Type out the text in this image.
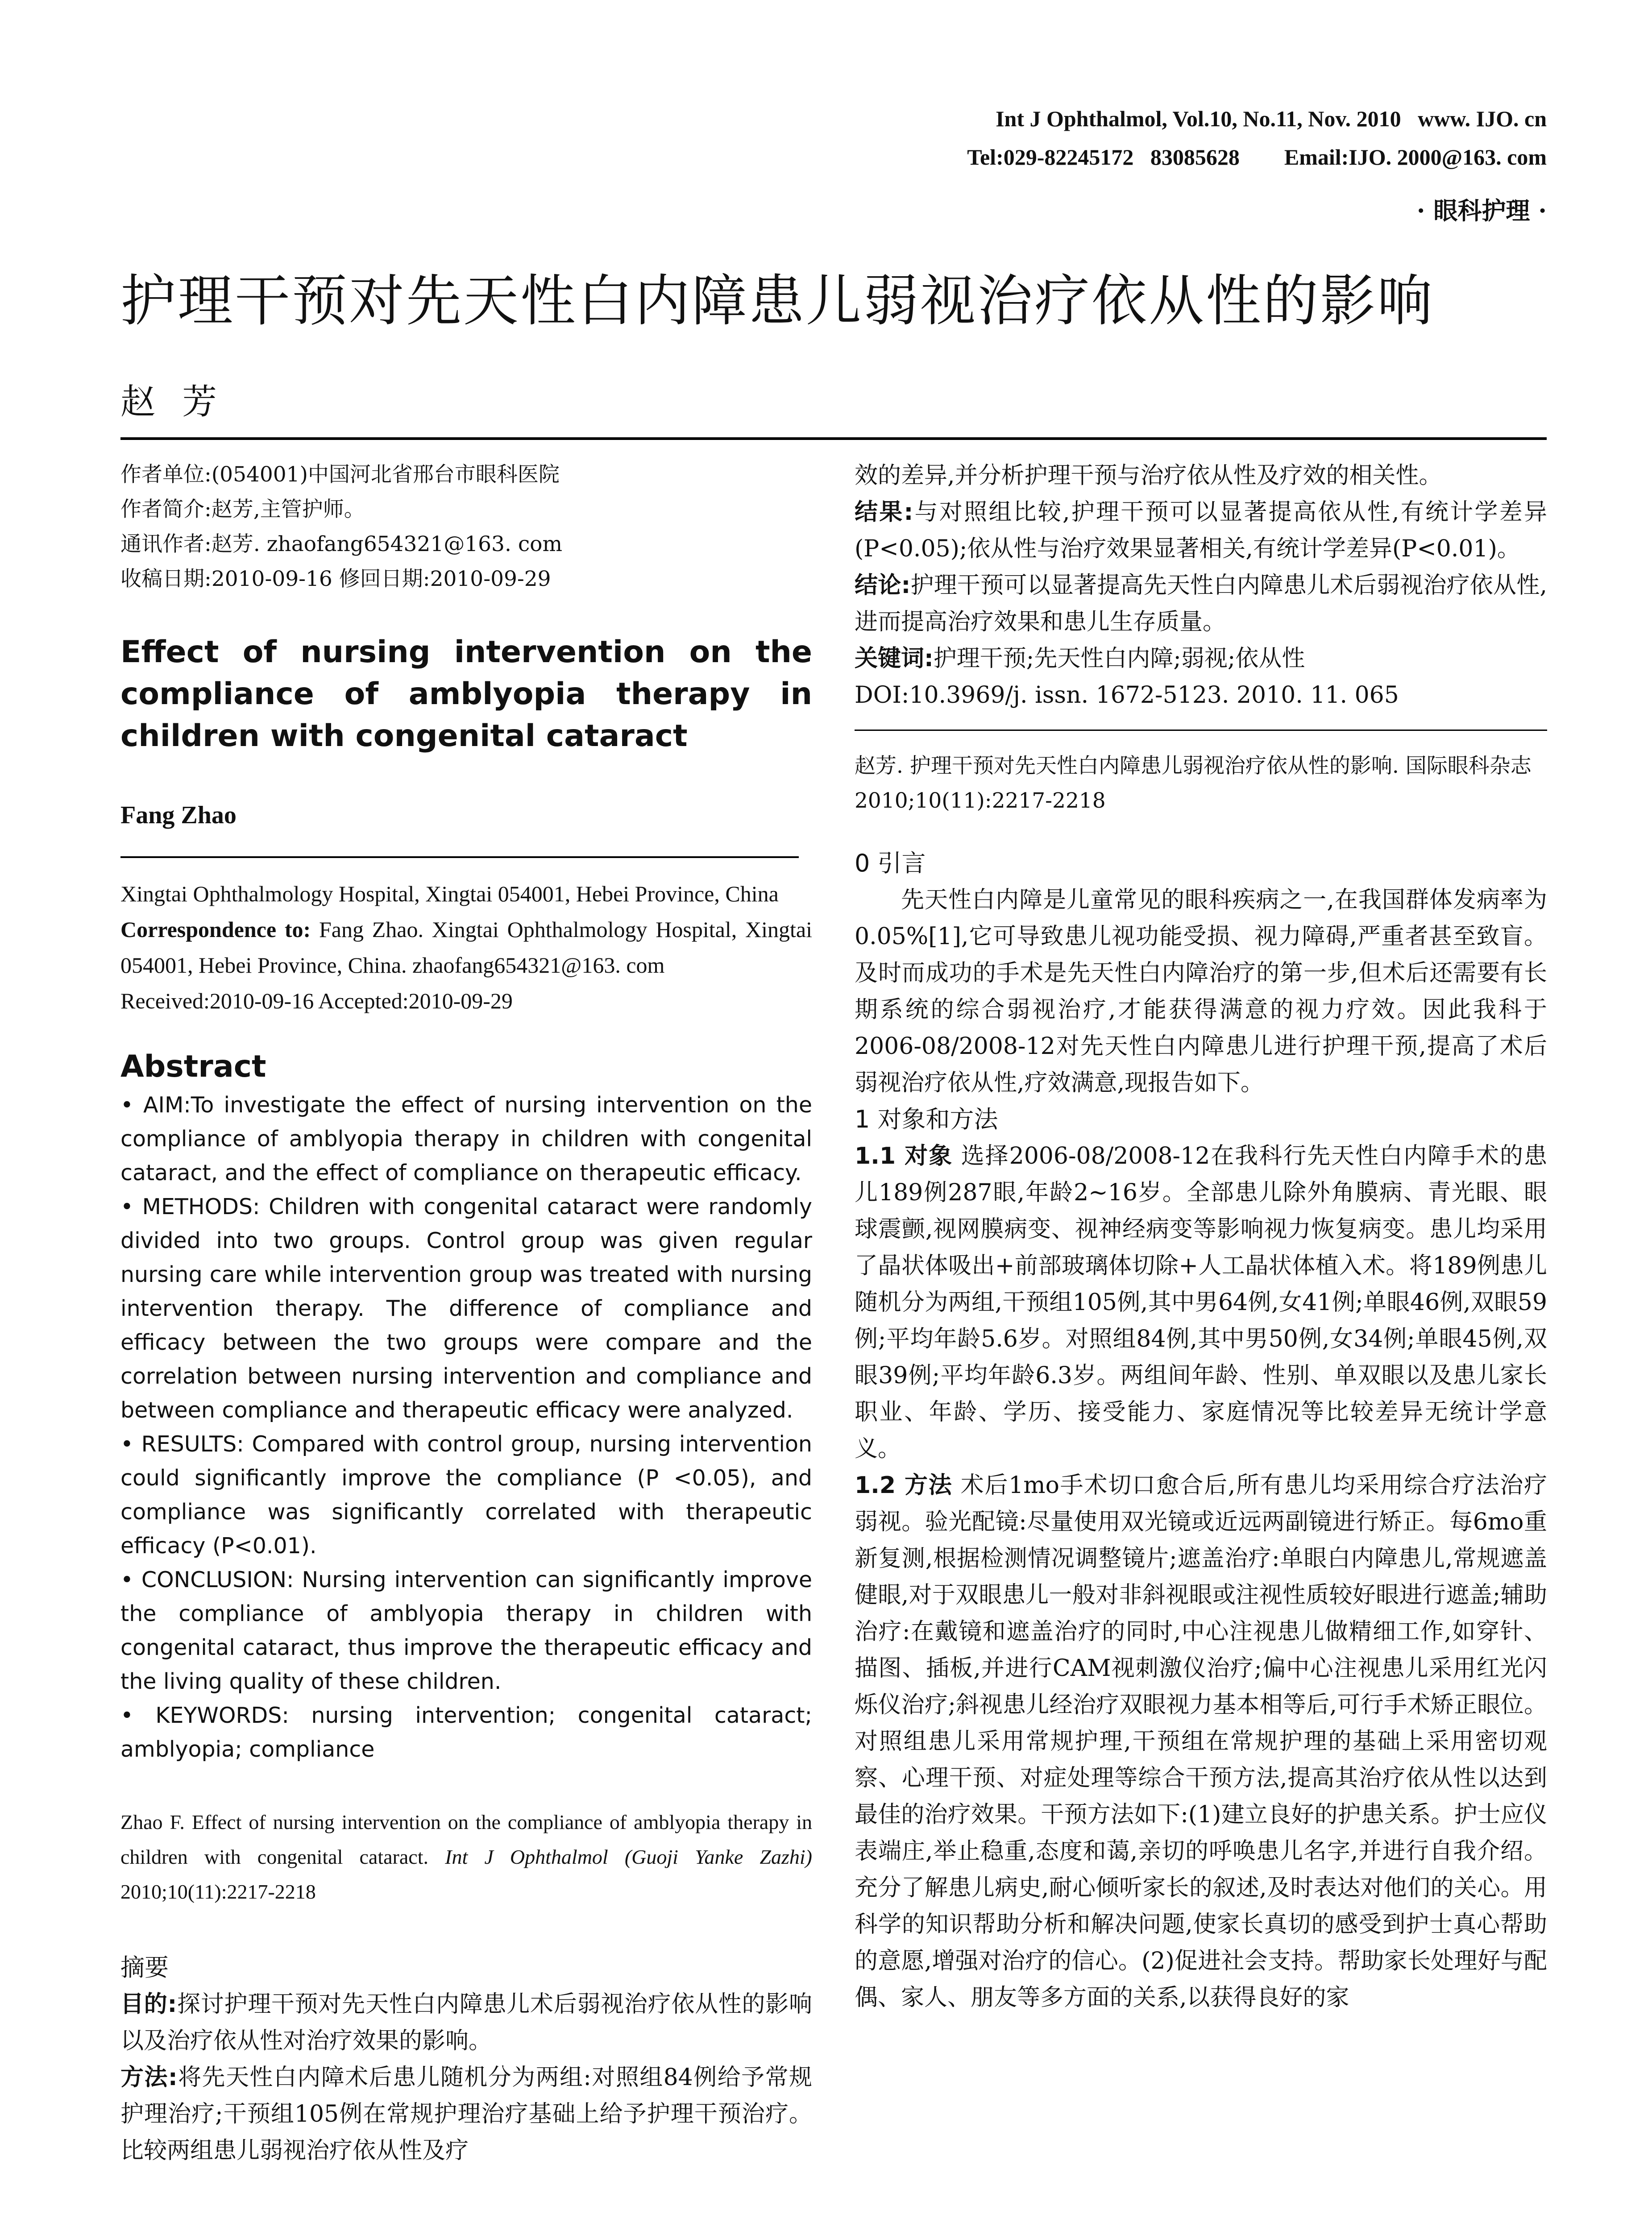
Int J Ophthalmol, Vol.10, No.11, Nov. 2010   www. IJO. cn
Tel:029-82245172   83085628        Email:IJO. 2000@163. com
· 眼科护理 ·
护理干预对先天性白内障患儿弱视治疗依从性的影响
赵芳

作者单位:(054001)中国河北省邢台市眼科医院

作者简介:赵芳,主管护师。

通讯作者:赵芳. zhaofang654321@163. com

收稿日期:2010-09-16 修回日期:2010-09-29

Effect of nursing intervention on the compliance of amblyopia therapy in children with congenital cataract

Fang Zhao

Xingtai Ophthalmology Hospital, Xingtai 054001, Hebei Province, China

Correspondence to: Fang Zhao. Xingtai Ophthalmology Hospital, Xingtai 054001, Hebei Province, China. zhaofang654321@163. com

Received:2010-09-16 Accepted:2010-09-29

Abstract

• AIM:To investigate the effect of nursing intervention on the compliance of amblyopia therapy in children with congenital cataract, and the effect of compliance on therapeutic efficacy.

• METHODS: Children with congenital cataract were randomly divided into two groups. Control group was given regular nursing care while intervention group was treated with nursing intervention therapy. The difference of compliance and efficacy between the two groups were compare and the correlation between nursing intervention and compliance and between compliance and therapeutic efficacy were analyzed.

• RESULTS: Compared with control group, nursing intervention could significantly improve the compliance (P <0.05), and compliance was significantly correlated with therapeutic efficacy (P<0.01).

• CONCLUSION: Nursing intervention can significantly improve the compliance of amblyopia therapy in children with congenital cataract, thus improve the therapeutic efficacy and the living quality of these children.

• KEYWORDS: nursing intervention; congenital cataract; amblyopia; compliance

Zhao F. Effect of nursing intervention on the compliance of amblyopia therapy in children with congenital cataract. Int J Ophthalmol (Guoji Yanke Zazhi) 2010;10(11):2217-2218

摘要

目的:探讨护理干预对先天性白内障患儿术后弱视治疗依从性的影响以及治疗依从性对治疗效果的影响。

方法:将先天性白内障术后患儿随机分为两组:对照组84例给予常规护理治疗;干预组105例在常规护理治疗基础上给予护理干预治疗。比较两组患儿弱视治疗依从性及疗

效的差异,并分析护理干预与治疗依从性及疗效的相关性。

结果:与对照组比较,护理干预可以显著提高依从性,有统计学差异(P<0.05);依从性与治疗效果显著相关,有统计学差异(P<0.01)。

结论:护理干预可以显著提高先天性白内障患儿术后弱视治疗依从性,进而提高治疗效果和患儿生存质量。

关键词:护理干预;先天性白内障;弱视;依从性

DOI:10.3969/j. issn. 1672-5123. 2010. 11. 065

赵芳. 护理干预对先天性白内障患儿弱视治疗依从性的影响. 国际眼科杂志 2010;10(11):2217-2218

0 引言

先天性白内障是儿童常见的眼科疾病之一,在我国群体发病率为0.05%[1],它可导致患儿视功能受损、视力障碍,严重者甚至致盲。及时而成功的手术是先天性白内障治疗的第一步,但术后还需要有长期系统的综合弱视治疗,才能获得满意的视力疗效。因此我科于2006-08/2008-12对先天性白内障患儿进行护理干预,提高了术后弱视治疗依从性,疗效满意,现报告如下。

1 对象和方法

1.1 对象 选择2006-08/2008-12在我科行先天性白内障手术的患儿189例287眼,年龄2~16岁。全部患儿除外角膜病、青光眼、眼球震颤,视网膜病变、视神经病变等影响视力恢复病变。患儿均采用了晶状体吸出+前部玻璃体切除+人工晶状体植入术。将189例患儿随机分为两组,干预组105例,其中男64例,女41例;单眼46例,双眼59例;平均年龄5.6岁。对照组84例,其中男50例,女34例;单眼45例,双眼39例;平均年龄6.3岁。两组间年龄、性别、单双眼以及患儿家长职业、年龄、学历、接受能力、家庭情况等比较差异无统计学意义。

1.2 方法 术后1mo手术切口愈合后,所有患儿均采用综合疗法治疗弱视。验光配镜:尽量使用双光镜或近远两副镜进行矫正。每6mo重新复测,根据检测情况调整镜片;遮盖治疗:单眼白内障患儿,常规遮盖健眼,对于双眼患儿一般对非斜视眼或注视性质较好眼进行遮盖;辅助治疗:在戴镜和遮盖治疗的同时,中心注视患儿做精细工作,如穿针、描图、插板,并进行CAM视刺激仪治疗;偏中心注视患儿采用红光闪烁仪治疗;斜视患儿经治疗双眼视力基本相等后,可行手术矫正眼位。对照组患儿采用常规护理,干预组在常规护理的基础上采用密切观察、心理干预、对症处理等综合干预方法,提高其治疗依从性以达到最佳的治疗效果。干预方法如下:(1)建立良好的护患关系。护士应仪表端庄,举止稳重,态度和蔼,亲切的呼唤患儿名字,并进行自我介绍。充分了解患儿病史,耐心倾听家长的叙述,及时表达对他们的关心。用科学的知识帮助分析和解决问题,使家长真切的感受到护士真心帮助的意愿,增强对治疗的信心。(2)促进社会支持。帮助家长处理好与配偶、家人、朋友等多方面的关系,以获得良好的家
